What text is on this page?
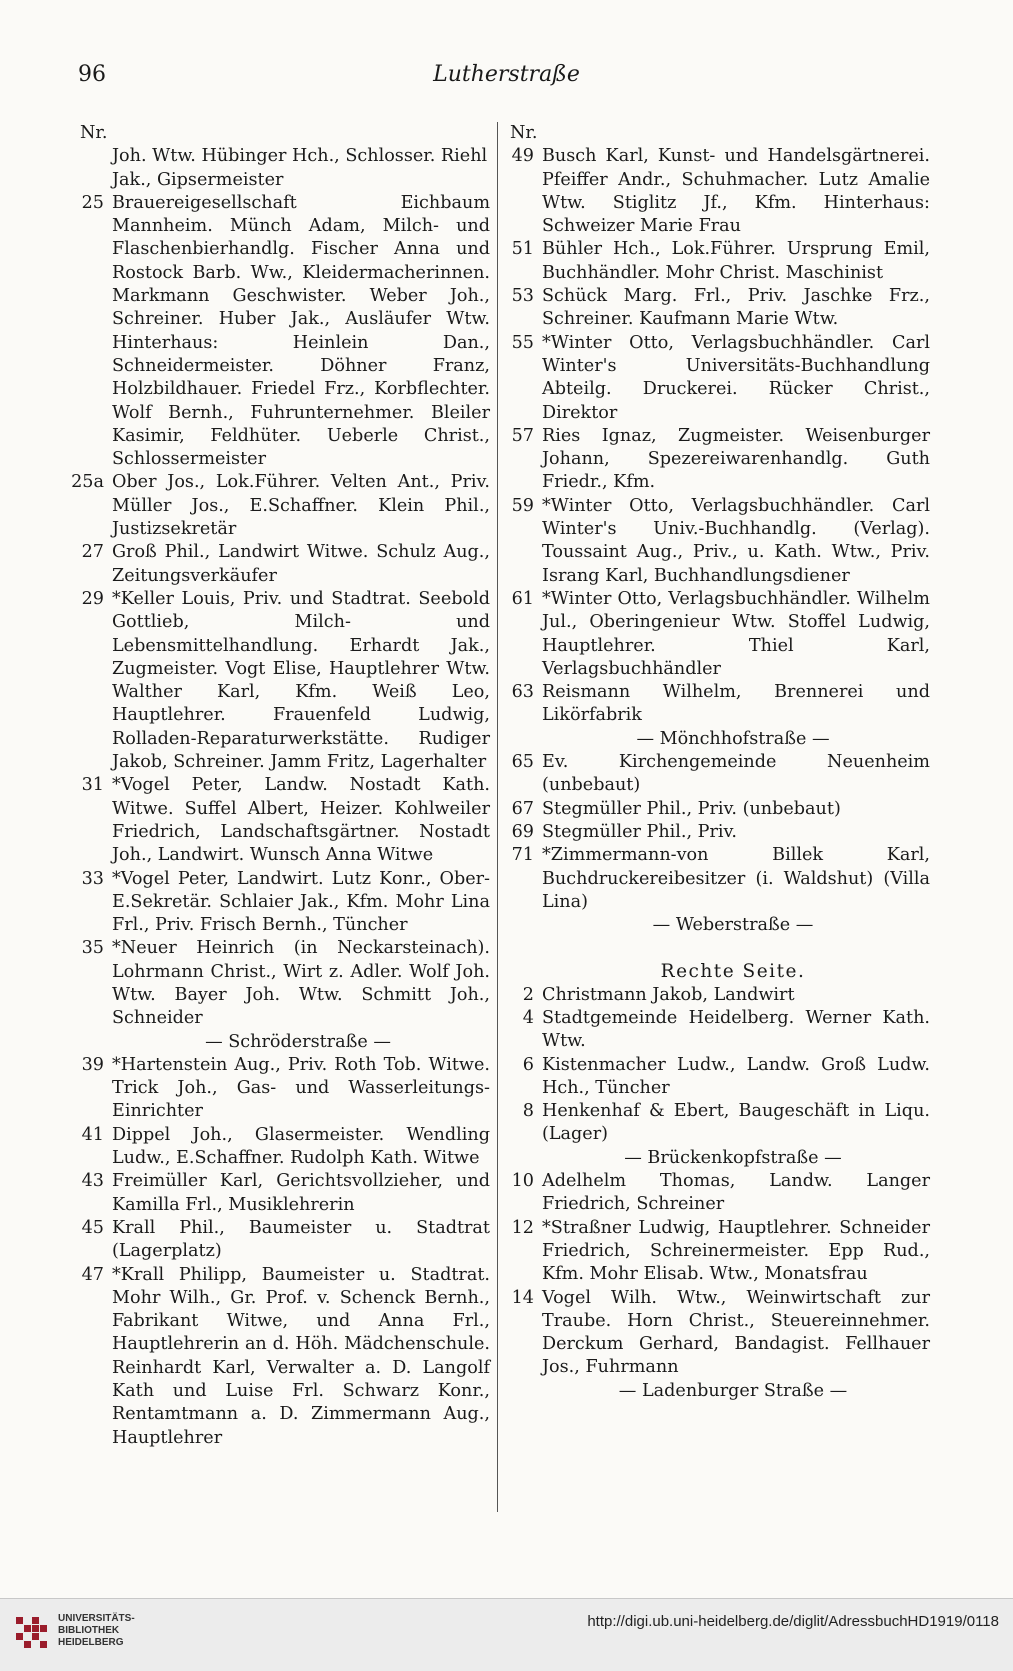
96	Lutherstraße
Nr.
Joh. Wtw. Hübinger Hch., Schlosser. Riehl Jak., Gipsermeister
25 Brauereigesellschaft Eichbaum Mannheim. Münch Adam, Milch- und Flaschenbierhandlg. Fischer Anna und Rostock Barb. Ww., Kleidermacherinnen. Markmann Geschwister. Weber Joh., Schreiner. Huber Jak., Ausläufer Wtw. Hinterhaus: Heinlein Dan., Schneidermeister. Döhner Franz, Holzbildhauer. Friedel Frz., Korbflechter. Wolf Bernh., Fuhrunternehmer. Bleiler Kasimir, Feldhüter. Ueberle Christ., Schlossermeister
25a Ober Jos., Lok.Führer. Velten Ant., Priv. Müller Jos., E.Schaffner. Klein Phil., Justizsekretär
27 Groß Phil., Landwirt Witwe. Schulz Aug., Zeitungsverkäufer
29 *Keller Louis, Priv. und Stadtrat. Seebold Gottlieb, Milch- und Lebensmittelhandlung. Erhardt Jak., Zugmeister. Vogt Elise, Hauptlehrer Wtw. Walther Karl, Kfm. Weiß Leo, Hauptlehrer. Frauenfeld Ludwig, Rolladen-Reparaturwerkstätte. Rudiger Jakob, Schreiner. Jamm Fritz, Lagerhalter
31 *Vogel Peter, Landw. Nostadt Kath. Witwe. Suffel Albert, Heizer. Kohlweiler Friedrich, Landschaftsgärtner. Nostadt Joh., Landwirt. Wunsch Anna Witwe
33 *Vogel Peter, Landwirt. Lutz Konr., Ober-E.Sekretär. Schlaier Jak., Kfm. Mohr Lina Frl., Priv. Frisch Bernh., Tüncher
35 *Neuer Heinrich (in Neckarsteinach). Lohrmann Christ., Wirt z. Adler. Wolf Joh. Wtw. Bayer Joh. Wtw. Schmitt Joh., Schneider
— Schröderstraße —
39 *Hartenstein Aug., Priv. Roth Tob. Witwe. Trick Joh., Gas- und Wasserleitungs-Einrichter
41 Dippel Joh., Glasermeister. Wendling Ludw., E.Schaffner. Rudolph Kath. Witwe
43 Freimüller Karl, Gerichtsvollzieher, und Kamilla Frl., Musiklehrerin
45 Krall Phil., Baumeister u. Stadtrat (Lagerplatz)
47 *Krall Philipp, Baumeister u. Stadtrat. Mohr Wilh., Gr. Prof. v. Schenck Bernh., Fabrikant Witwe, und Anna Frl., Hauptlehrerin an d. Höh. Mädchenschule. Reinhardt Karl, Verwalter a. D. Langolf Kath und Luise Frl. Schwarz Konr., Rentamtmann a. D. Zimmermann Aug., Hauptlehrer
Nr.
49 Busch Karl, Kunst- und Handelsgärtnerei. Pfeiffer Andr., Schuhmacher. Lutz Amalie Wtw. Stiglitz Jf., Kfm. Hinterhaus: Schweizer Marie Frau
51 Bühler Hch., Lok.Führer. Ursprung Emil, Buchhändler. Mohr Christ. Maschinist
53 Schück Marg. Frl., Priv. Jaschke Frz., Schreiner. Kaufmann Marie Wtw.
55 *Winter Otto, Verlagsbuchhändler. Carl Winter's Universitäts-Buchhandlung Abteilg. Druckerei. Rücker Christ., Direktor
57 Ries Ignaz, Zugmeister. Weisenburger Johann, Spezereiwarenhandlg. Guth Friedr., Kfm.
59 *Winter Otto, Verlagsbuchhändler. Carl Winter's Univ.-Buchhandlg. (Verlag). Toussaint Aug., Priv., u. Kath. Wtw., Priv. Israng Karl, Buchhandlungsdiener
61 *Winter Otto, Verlagsbuchhändler. Wilhelm Jul., Oberingenieur Wtw. Stoffel Ludwig, Hauptlehrer. Thiel Karl, Verlagsbuchhändler
63 Reismann Wilhelm, Brennerei und Likörfabrik
— Mönchhofstraße —
65 Ev. Kirchengemeinde Neuenheim (unbebaut)
67 Stegmüller Phil., Priv. (unbebaut)
69 Stegmüller Phil., Priv.
71 *Zimmermann-von Billek Karl, Buchdruckereibesitzer (i. Waldshut) (Villa Lina)
— Weberstraße —
Rechte Seite.
2 Christmann Jakob, Landwirt
4 Stadtgemeinde Heidelberg. Werner Kath. Wtw.
6 Kistenmacher Ludw., Landw. Groß Ludw. Hch., Tüncher
8 Henkenhaf & Ebert, Baugeschäft in Liqu. (Lager)
— Brückenkopfstraße —
10 Adelhelm Thomas, Landw. Langer Friedrich, Schreiner
12 *Straßner Ludwig, Hauptlehrer. Schneider Friedrich, Schreinermeister. Epp Rud., Kfm. Mohr Elisab. Wtw., Monatsfrau
14 Vogel Wilh. Wtw., Weinwirtschaft zur Traube. Horn Christ., Steuereinnehmer. Derckum Gerhard, Bandagist. Fellhauer Jos., Fuhrmann
— Ladenburger Straße —
UNIVERSITÄTS-
BIBLIOTHEK
HEIDELBERG
http://digi.ub.uni-heidelberg.de/diglit/AdressbuchHD1919/0118
